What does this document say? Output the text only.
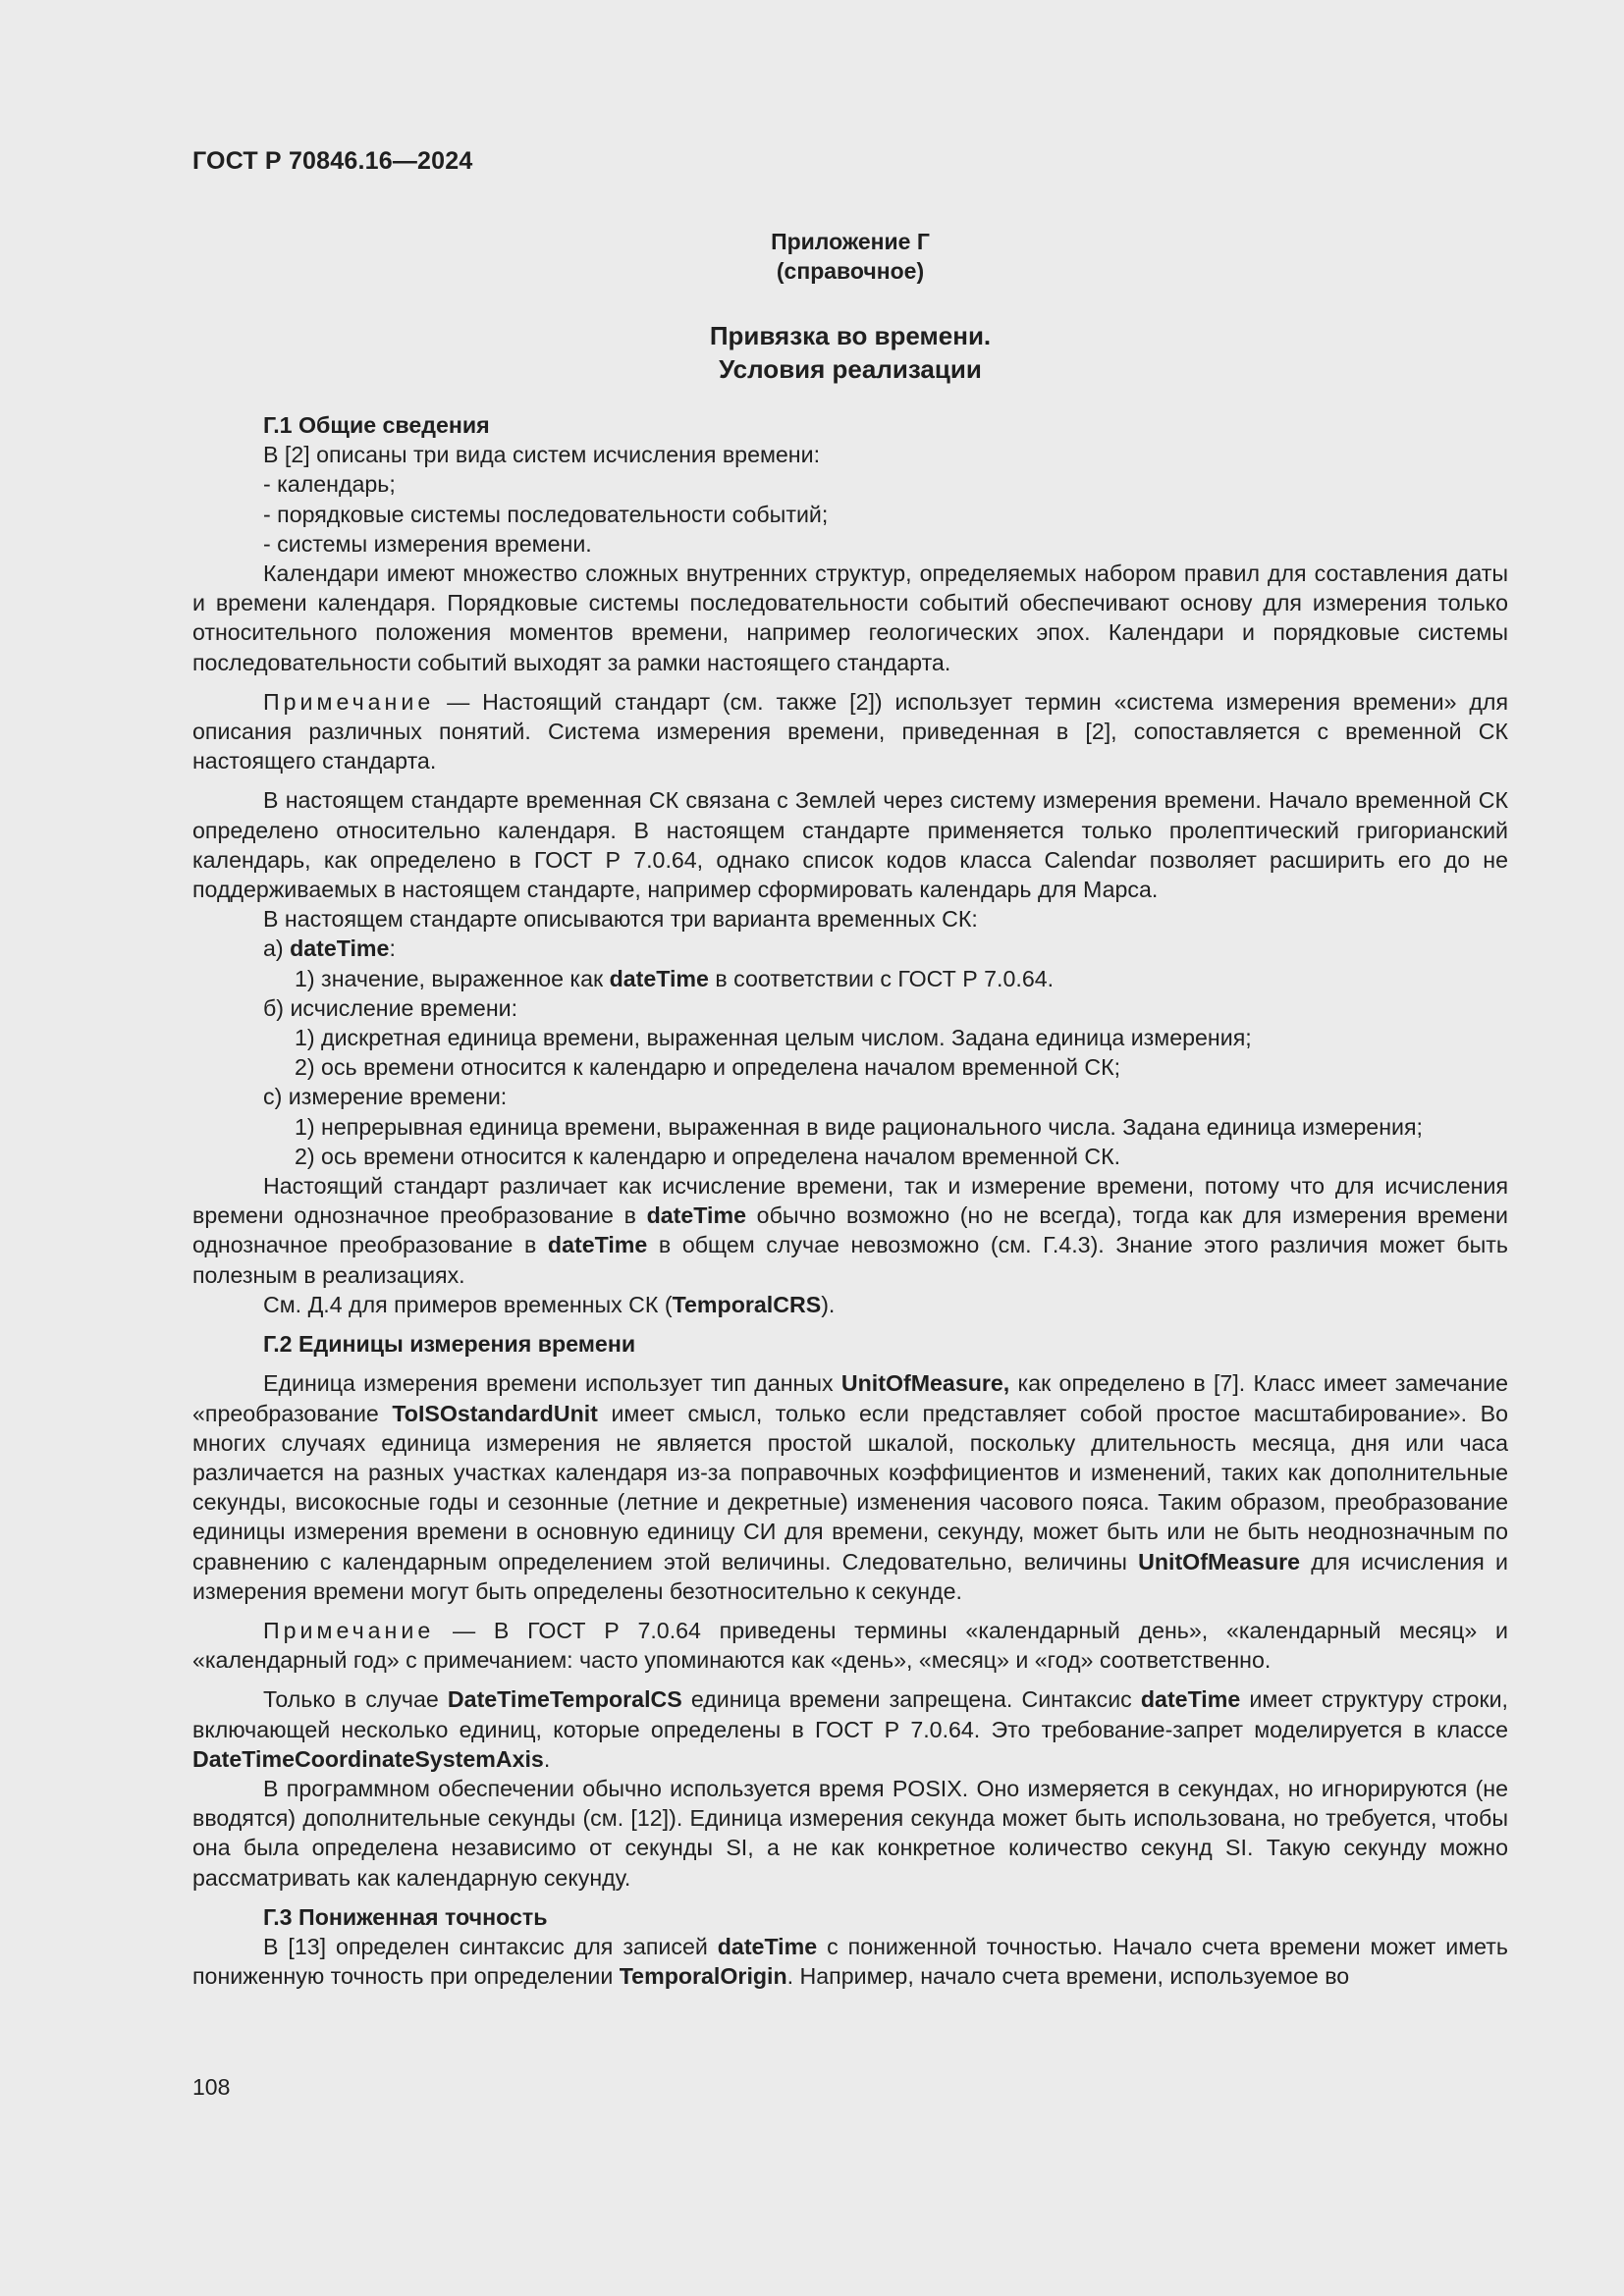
ГОСТ Р 70846.16—2024
Приложение Г
(справочное)
Привязка во времени.
Условия реализации

Г.1 Общие сведения

В [2] описаны три вида систем исчисления времени:

- календарь;

- порядковые системы последовательности событий;

- системы измерения времени.

Календари имеют множество сложных внутренних структур, определяемых набором правил для составления даты и времени календаря. Порядковые системы последовательности событий обеспечивают основу для измерения только относительного положения моментов времени, например геологических эпох. Календари и порядковые системы последовательности событий выходят за рамки настоящего стандарта.

Примечание — Настоящий стандарт (см. также [2]) использует термин «система измерения времени» для описания различных понятий. Система измерения времени, приведенная в [2], сопоставляется с временной СК настоящего стандарта.

В настоящем стандарте временная СК связана с Землей через систему измерения времени. Начало временной СК определено относительно календаря. В настоящем стандарте применяется только пролептический григорианский календарь, как определено в ГОСТ Р 7.0.64, однако список кодов класса Calendar позволяет расширить его до не поддерживаемых в настоящем стандарте, например сформировать календарь для Марса.

В настоящем стандарте описываются три варианта временных СК:

а) dateTime:

1) значение, выраженное как dateTime в соответствии с ГОСТ Р 7.0.64.

б) исчисление времени:

1) дискретная единица времени, выраженная целым числом. Задана единица измерения;

2) ось времени относится к календарю и определена началом временной СК;

с) измерение времени:

1) непрерывная единица времени, выраженная в виде рационального числа. Задана единица измерения;

2) ось времени относится к календарю и определена началом временной СК.

Настоящий стандарт различает как исчисление времени, так и измерение времени, потому что для исчисления времени однозначное преобразование в dateTime обычно возможно (но не всегда), тогда как для измерения времени однозначное преобразование в dateTime в общем случае невозможно (см. Г.4.3). Знание этого различия может быть полезным в реализациях.

См. Д.4 для примеров временных СК (TemporalCRS).

Г.2 Единицы измерения времени

Единица измерения времени использует тип данных UnitOfMeasure, как определено в [7]. Класс имеет замечание «преобразование ToISOstandardUnit имеет смысл, только если представляет собой простое масштабирование». Во многих случаях единица измерения не является простой шкалой, поскольку длительность месяца, дня или часа различается на разных участках календаря из-за поправочных коэффициентов и изменений, таких как дополнительные секунды, високосные годы и сезонные (летние и декретные) изменения часового пояса. Таким образом, преобразование единицы измерения времени в основную единицу СИ для времени, секунду, может быть или не быть неоднозначным по сравнению с календарным определением этой величины. Следовательно, величины UnitOfMeasure для исчисления и измерения времени могут быть определены безотносительно к секунде.

Примечание — В ГОСТ Р 7.0.64 приведены термины «календарный день», «календарный месяц» и «календарный год» с примечанием: часто упоминаются как «день», «месяц» и «год» соответственно.

Только в случае DateTimeTemporalCS единица времени запрещена. Синтаксис dateTime имеет структуру строки, включающей несколько единиц, которые определены в ГОСТ Р 7.0.64. Это требование-запрет моделируется в классе DateTimeCoordinateSystemAxis.

В программном обеспечении обычно используется время POSIX. Оно измеряется в секундах, но игнорируются (не вводятся) дополнительные секунды (см. [12]). Единица измерения секунда может быть использована, но требуется, чтобы она была определена независимо от секунды SI, а не как конкретное количество секунд SI. Такую секунду можно рассматривать как календарную секунду.

Г.3 Пониженная точность

В [13] определен синтаксис для записей dateTime с пониженной точностью. Начало счета времени может иметь пониженную точность при определении TemporalOrigin. Например, начало счета времени, используемое во

108
